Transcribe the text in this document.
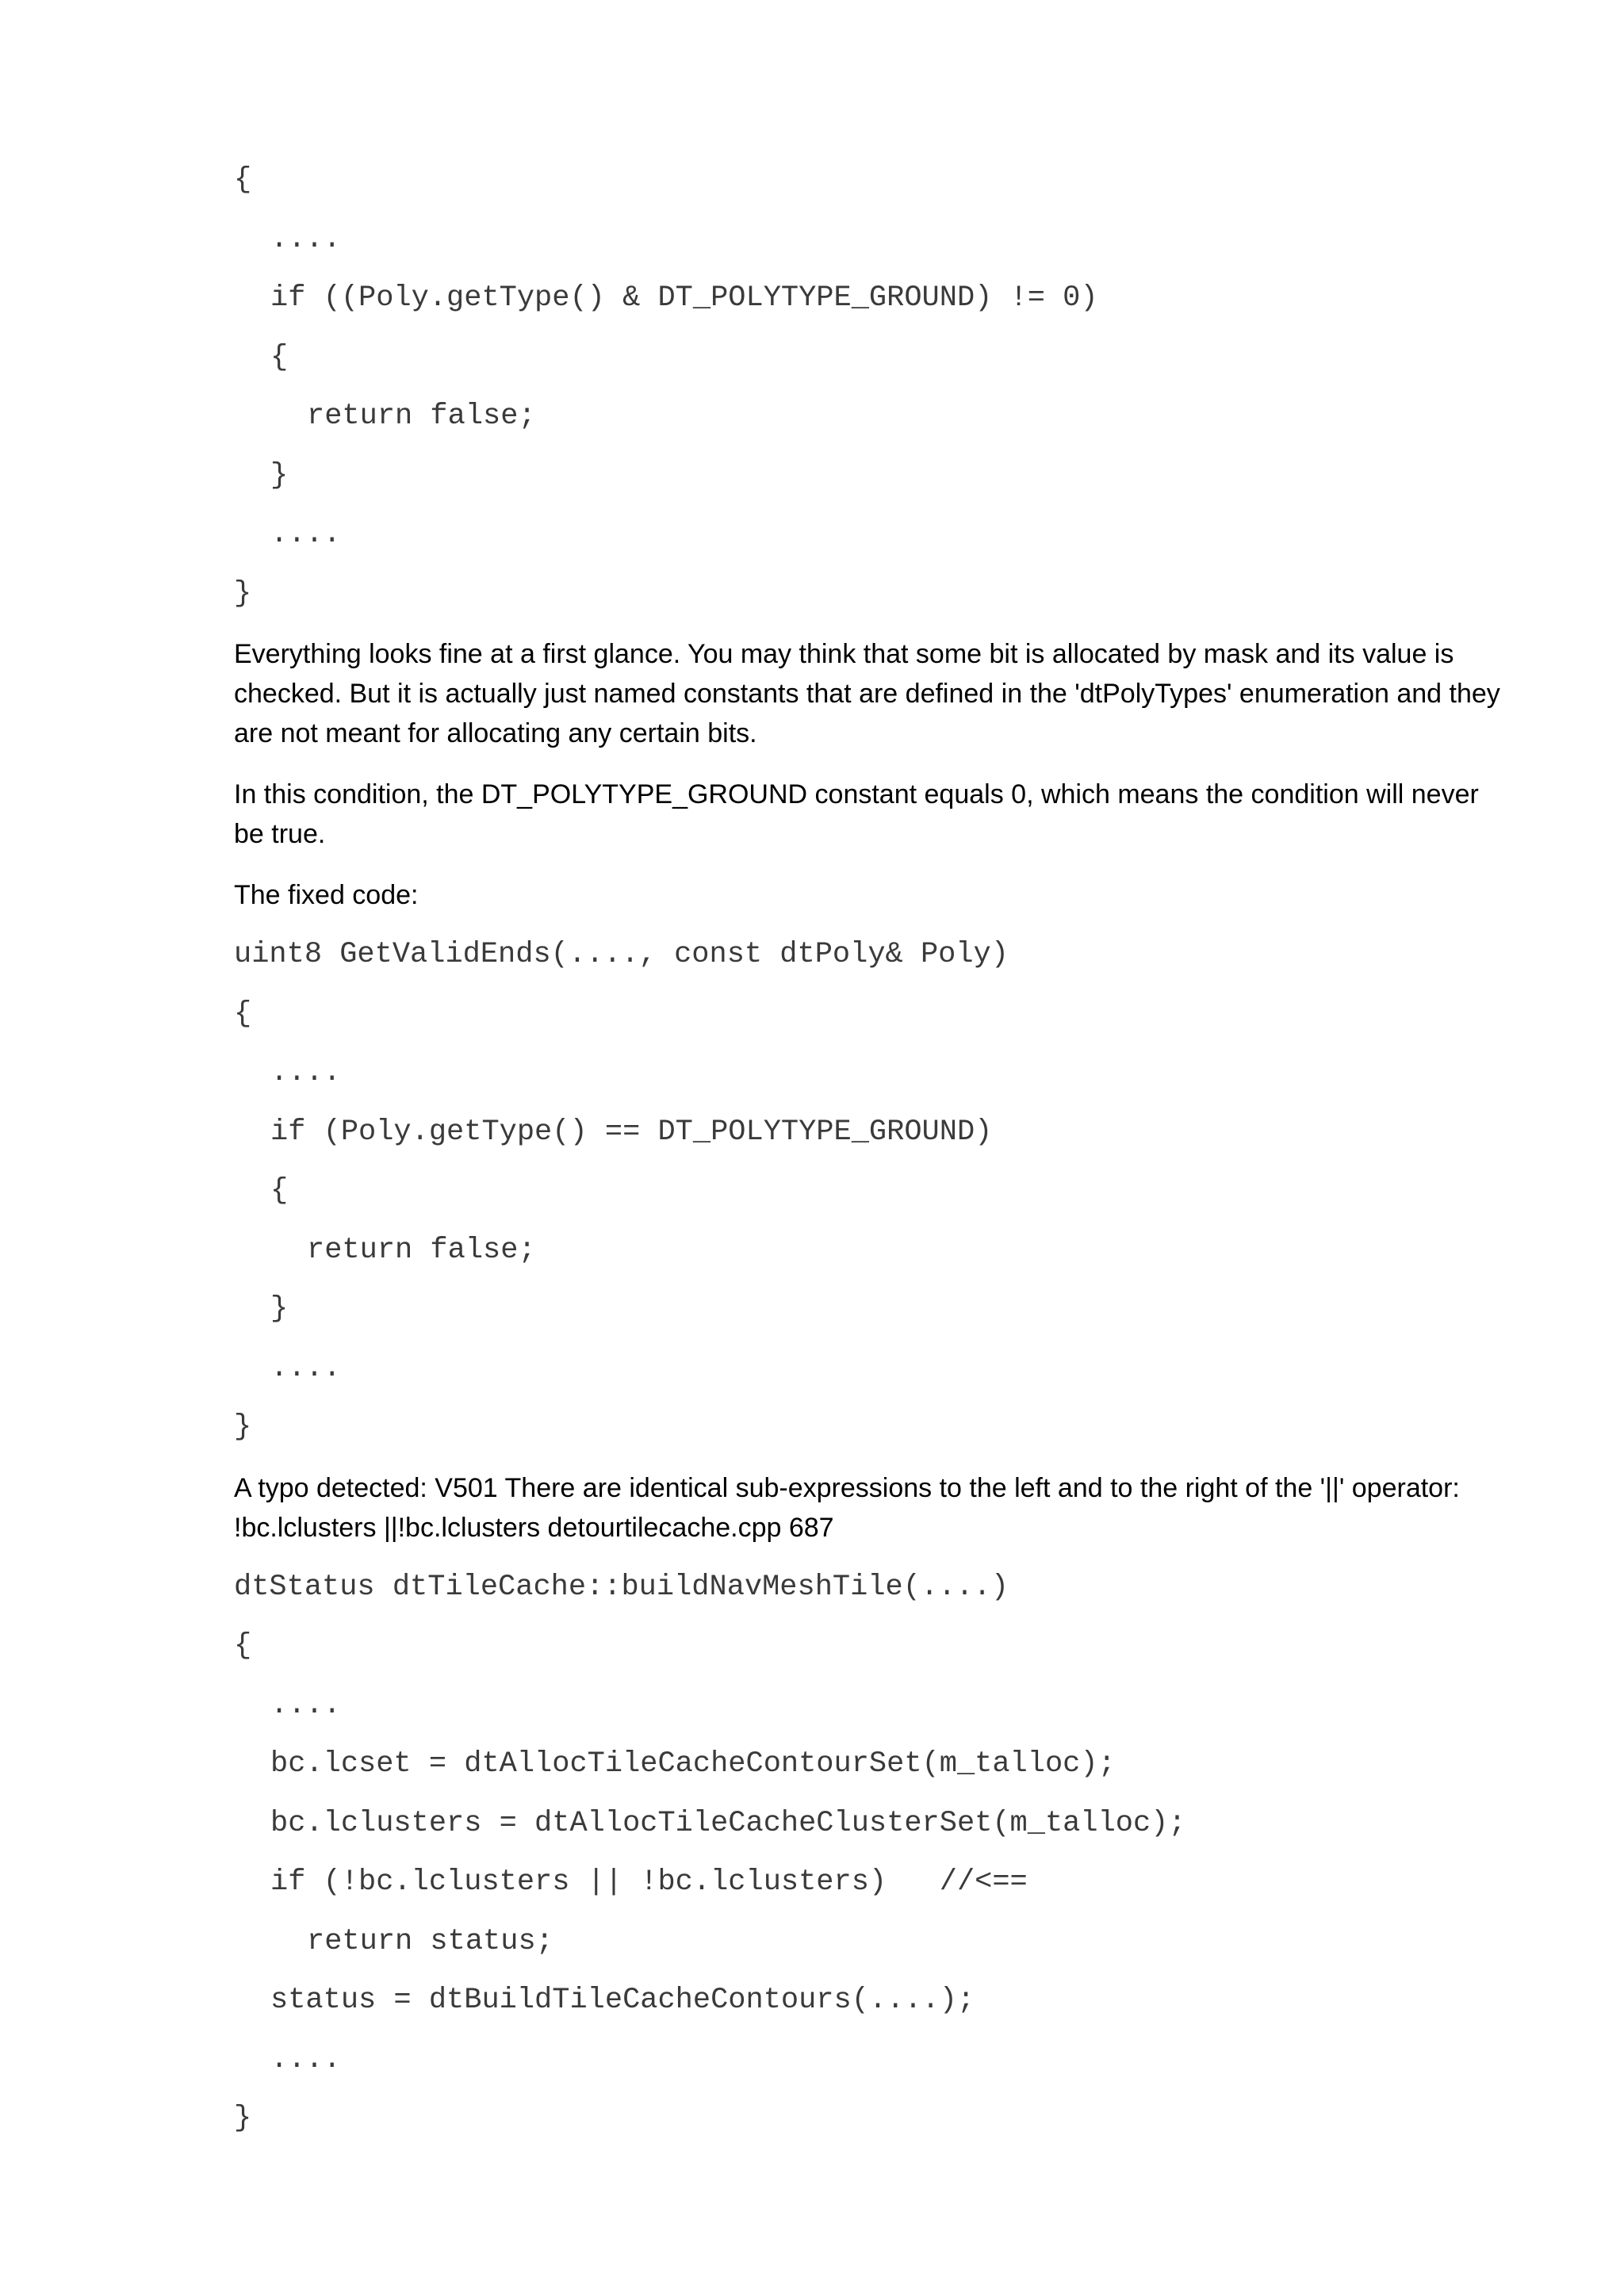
{
....
if ((Poly.getType() & DT_POLYTYPE_GROUND) != 0)
{
return false;
}
....
}

Everything looks fine at a first glance. You may think that some bit is allocated by mask and its value is checked. But it is actually just named constants that are defined in the 'dtPolyTypes' enumeration and they are not meant for allocating any certain bits.

In this condition, the DT_POLYTYPE_GROUND constant equals 0, which means the condition will never be true.

The fixed code:

uint8 GetValidEnds(...., const dtPoly& Poly)
{
....
if (Poly.getType() == DT_POLYTYPE_GROUND)
{
return false;
}
....
}

A typo detected: V501 There are identical sub-expressions to the left and to the right of the '||' operator: !bc.lclusters ||!bc.lclusters detourtilecache.cpp 687

dtStatus dtTileCache::buildNavMeshTile(....)
{
....
bc.lcset = dtAllocTileCacheContourSet(m_talloc);
bc.lclusters = dtAllocTileCacheClusterSet(m_talloc);
if (!bc.lclusters || !bc.lclusters)   //<==
return status;
status = dtBuildTileCacheContours(....);
....
}
